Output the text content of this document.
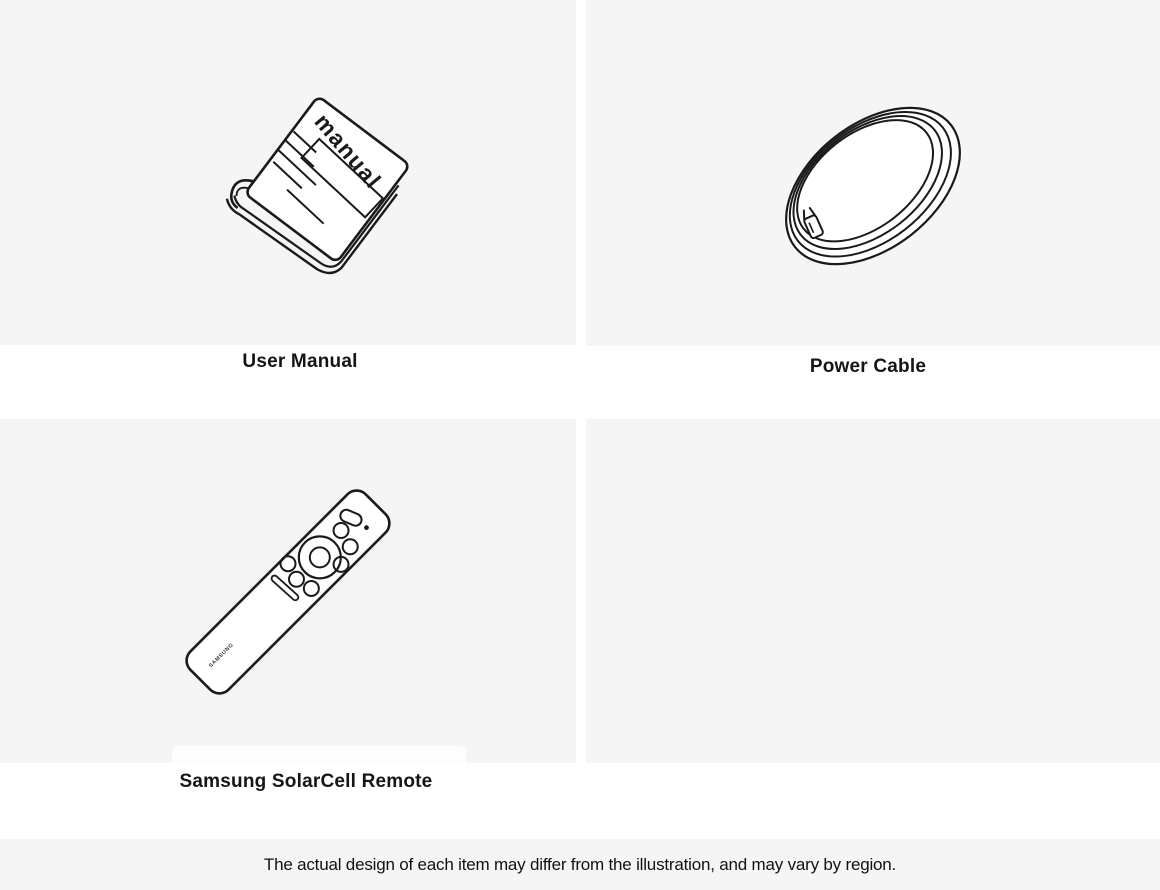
manual
SAMSUNG
User Manual	Power Cable
Samsung SolarCell Remote
The actual design of each item may differ from the illustration, and may vary by region.
